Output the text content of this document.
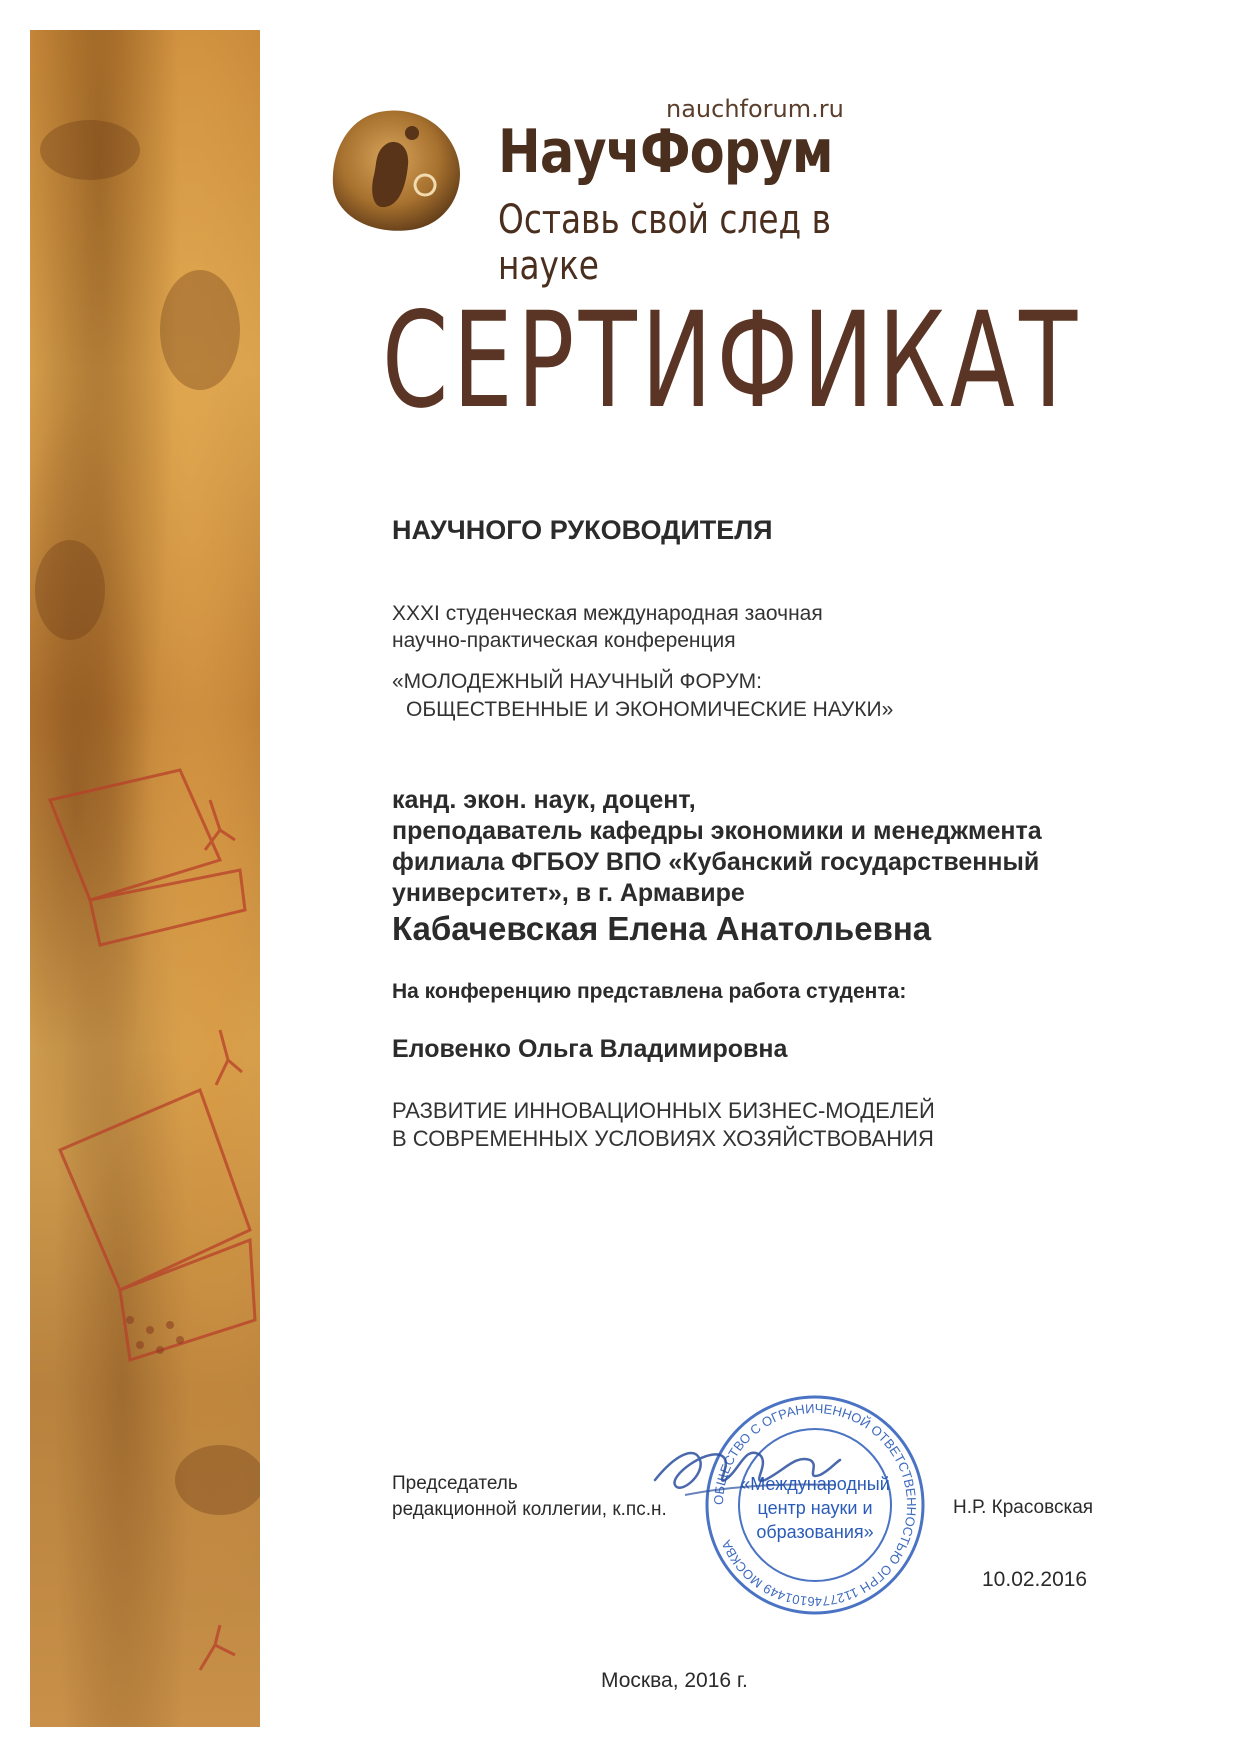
nauchforum.ru
НаучФорум
Оставь свой след в науке
СЕРТИФИКАТ
НАУЧНОГО РУКОВОДИТЕЛЯ
XXXI студенческая международная заочная
научно-практическая конференция
«МОЛОДЕЖНЫЙ НАУЧНЫЙ ФОРУМ:
ОБЩЕСТВЕННЫЕ И ЭКОНОМИЧЕСКИЕ НАУКИ»
канд. экон. наук, доцент,
преподаватель кафедры экономики и менеджмента
филиала ФГБОУ ВПО «Кубанский государственный
университет», в г. Армавире
Кабачевская Елена Анатольевна
На конференцию представлена работа студента:
Еловенко Ольга Владимировна
РАЗВИТИЕ ИННОВАЦИОННЫХ БИЗНЕС-МОДЕЛЕЙ
В СОВРЕМЕННЫХ УСЛОВИЯХ ХОЗЯЙСТВОВАНИЯ
Председатель
редакционной коллегии, к.пс.н.	ОБЩЕСТВО С ОГРАНИЧЕННОЙ ОТВЕТСТВЕННОСТЬЮ ОГРН 1127746101449 МОСКВА
«Международный
центр науки и
образования»
Н.Р. Красовская
10.02.2016
Москва, 2016 г.
